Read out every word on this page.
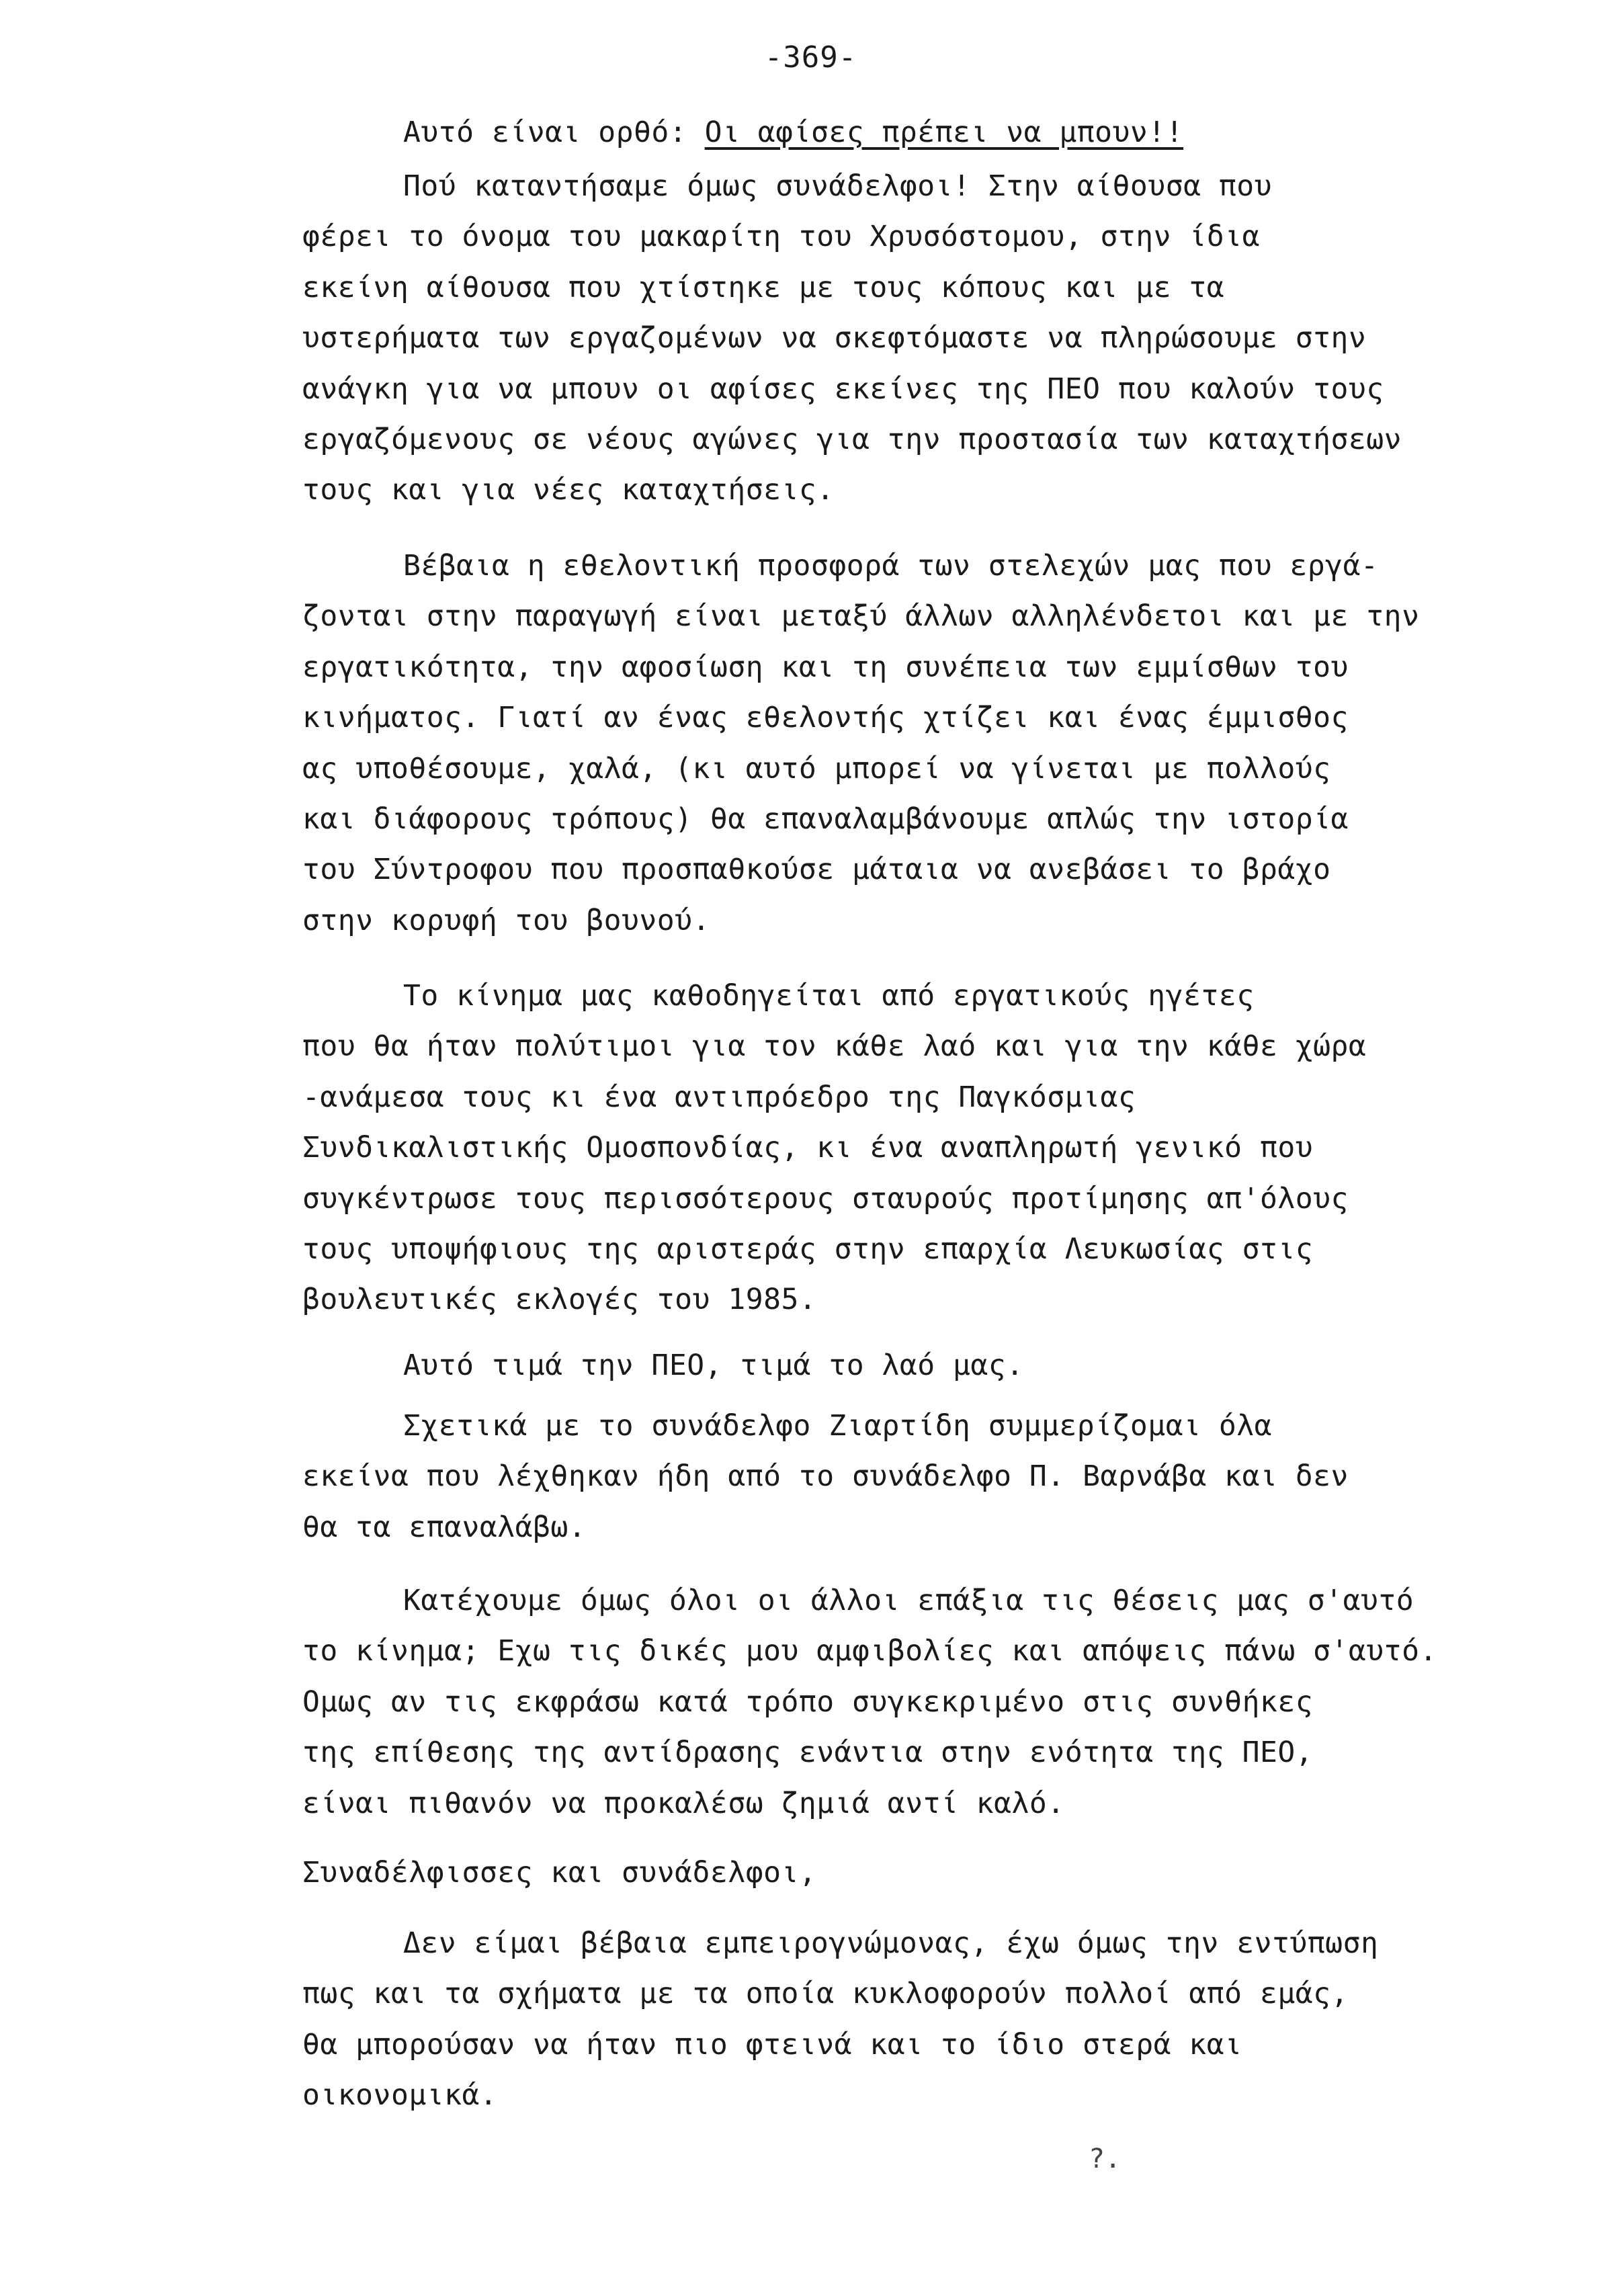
-369-
Αυτό είναι ορθό: Οι αφίσες πρέπει να μπουν!!
Πού καταντήσαμε όμως συνάδελφοι! Στην αίθουσα που
φέρει το όνομα του μακαρίτη του Χρυσόστομου, στην ίδια
εκείνη αίθουσα που χτίστηκε με τους κόπους και με τα
υστερήματα των εργαζομένων να σκεφτόμαστε να πληρώσουμε στην
ανάγκη για να μπουν οι αφίσες εκείνες της ΠΕΟ που καλούν τους
εργαζόμενους σε νέους αγώνες για την προστασία των καταχτήσεων
τους και για νέες καταχτήσεις.
Βέβαια η εθελοντική προσφορά των στελεχών μας που εργά-
ζονται στην παραγωγή είναι μεταξύ άλλων αλληλένδετοι και με την
εργατικότητα, την αφοσίωση και τη συνέπεια των εμμίσθων του
κινήματος. Γιατί αν ένας εθελοντής χτίζει και ένας έμμισθος
ας υποθέσουμε, χαλά, (κι αυτό μπορεί να γίνεται με πολλούς
και διάφορους τρόπους) θα επαναλαμβάνουμε απλώς την ιστορία
του Σύντροφου που προσπαθκούσε μάταια να ανεβάσει το βράχο
στην κορυφή του βουνού.
Το κίνημα μας καθοδηγείται από εργατικούς ηγέτες
που θα ήταν πολύτιμοι για τον κάθε λαό και για την κάθε χώρα
-ανάμεσα τους κι ένα αντιπρόεδρο της Παγκόσμιας
Συνδικαλιστικής Ομοσπονδίας, κι ένα αναπληρωτή γενικό που
συγκέντρωσε τους περισσότερους σταυρούς προτίμησης απ'όλους
τους υποψήφιους της αριστεράς στην επαρχία Λευκωσίας στις
βουλευτικές εκλογές του 1985.
Αυτό τιμά την ΠΕΟ, τιμά το λαό μας.
Σχετικά με το συνάδελφο Ζιαρτίδη συμμερίζομαι όλα
εκείνα που λέχθηκαν ήδη από το συνάδελφο Π. Βαρνάβα και δεν
θα τα επαναλάβω.
Κατέχουμε όμως όλοι οι άλλοι επάξια τις θέσεις μας σ'αυτό
το κίνημα; Εχω τις δικές μου αμφιβολίες και απόψεις πάνω σ'αυτό.
Ομως αν τις εκφράσω κατά τρόπο συγκεκριμένο στις συνθήκες
της επίθεσης της αντίδρασης ενάντια στην ενότητα της ΠΕΟ,
είναι πιθανόν να προκαλέσω ζημιά αντί καλό.
Συναδέλφισσες και συνάδελφοι,
Δεν είμαι βέβαια εμπειρογνώμονας, έχω όμως την εντύπωση
πως και τα σχήματα με τα οποία κυκλοφορούν πολλοί από εμάς,
θα μπορούσαν να ήταν πιο φτεινά και το ίδιο στερά και
οικονομικά.
?.
